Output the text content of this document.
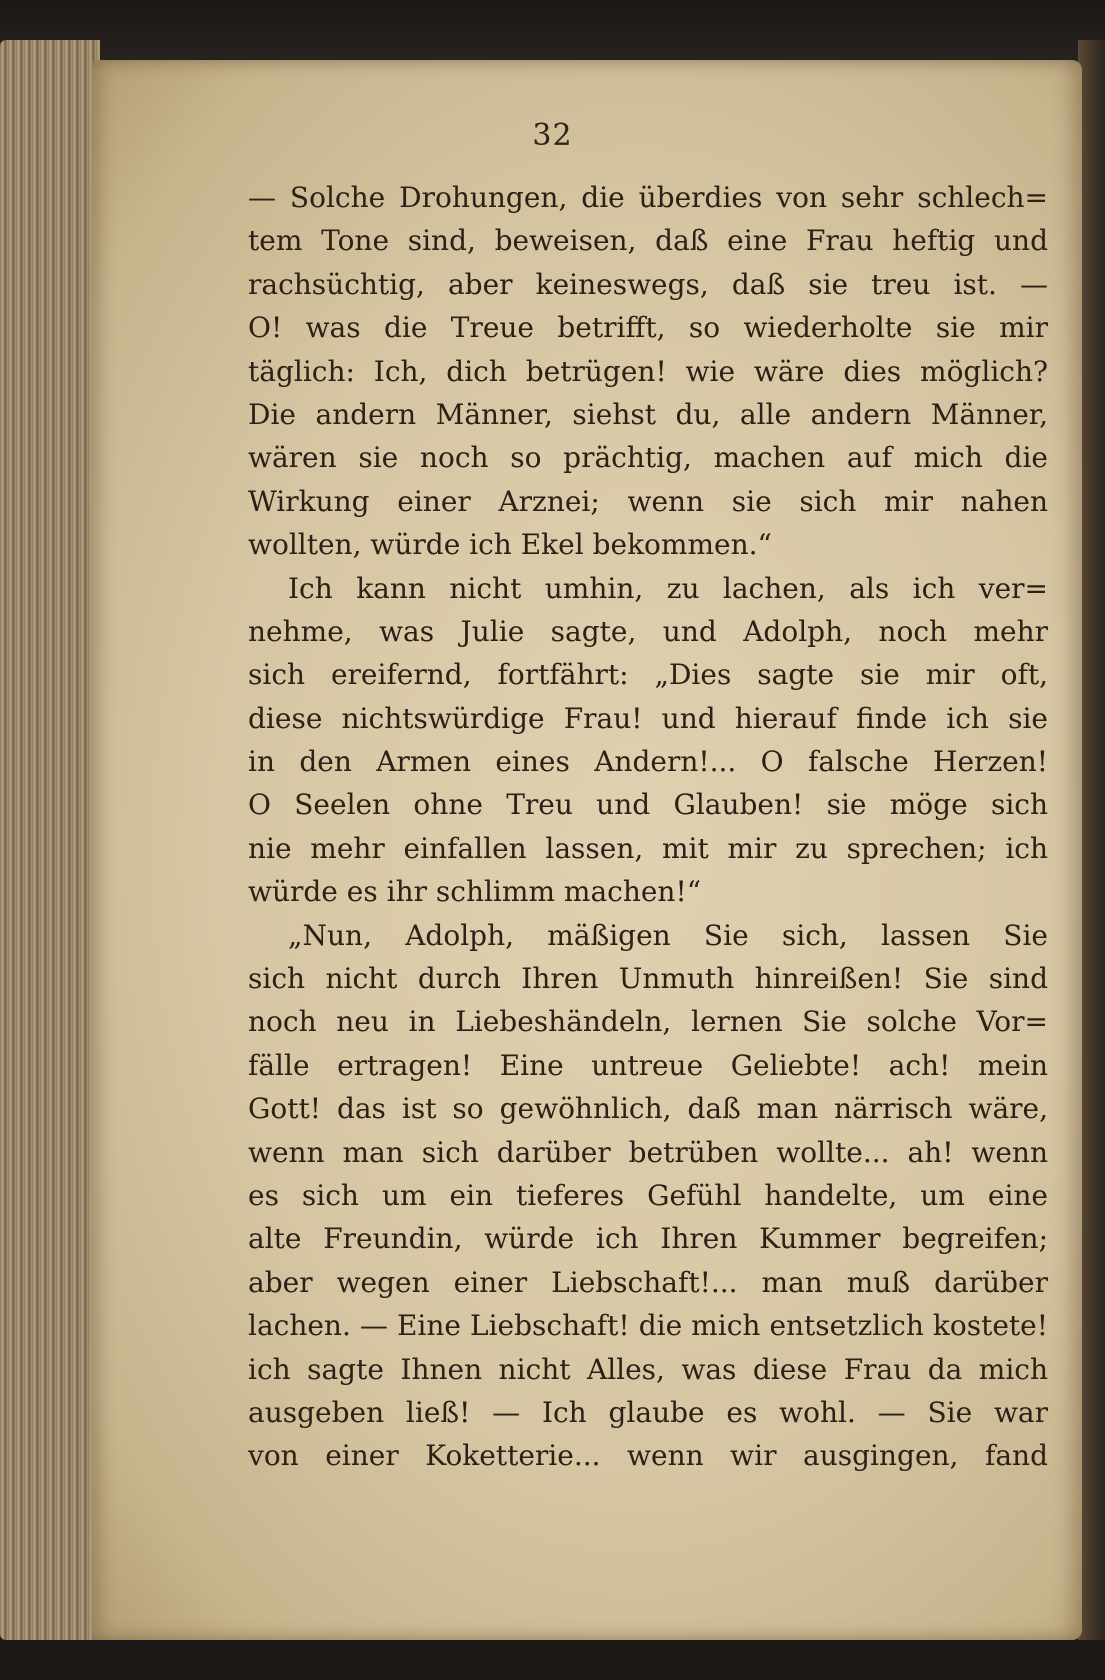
32
— Solche Drohungen, die überdies von sehr schlech=
tem Tone sind, beweisen, daß eine Frau heftig und
rachsüchtig, aber keineswegs, daß sie treu ist. —
O! was die Treue betrifft, so wiederholte sie mir
täglich: Ich, dich betrügen! wie wäre dies möglich?
Die andern Männer, siehst du, alle andern Männer,
wären sie noch so prächtig, machen auf mich die
Wirkung einer Arznei; wenn sie sich mir nahen
wollten, würde ich Ekel bekommen.“
Ich kann nicht umhin, zu lachen, als ich ver=
nehme, was Julie sagte, und Adolph, noch mehr
sich ereifernd, fortfährt: „Dies sagte sie mir oft,
diese nichtswürdige Frau! und hierauf finde ich sie
in den Armen eines Andern!... O falsche Herzen!
O Seelen ohne Treu und Glauben! sie möge sich
nie mehr einfallen lassen, mit mir zu sprechen; ich
würde es ihr schlimm machen!“
„Nun, Adolph, mäßigen Sie sich, lassen Sie
sich nicht durch Ihren Unmuth hinreißen! Sie sind
noch neu in Liebeshändeln, lernen Sie solche Vor=
fälle ertragen! Eine untreue Geliebte! ach! mein
Gott! das ist so gewöhnlich, daß man närrisch wäre,
wenn man sich darüber betrüben wollte... ah! wenn
es sich um ein tieferes Gefühl handelte, um eine
alte Freundin, würde ich Ihren Kummer begreifen;
aber wegen einer Liebschaft!... man muß darüber
lachen. — Eine Liebschaft! die mich entsetzlich kostete!
ich sagte Ihnen nicht Alles, was diese Frau da mich
ausgeben ließ! — Ich glaube es wohl. — Sie war
von einer Koketterie... wenn wir ausgingen, fand
